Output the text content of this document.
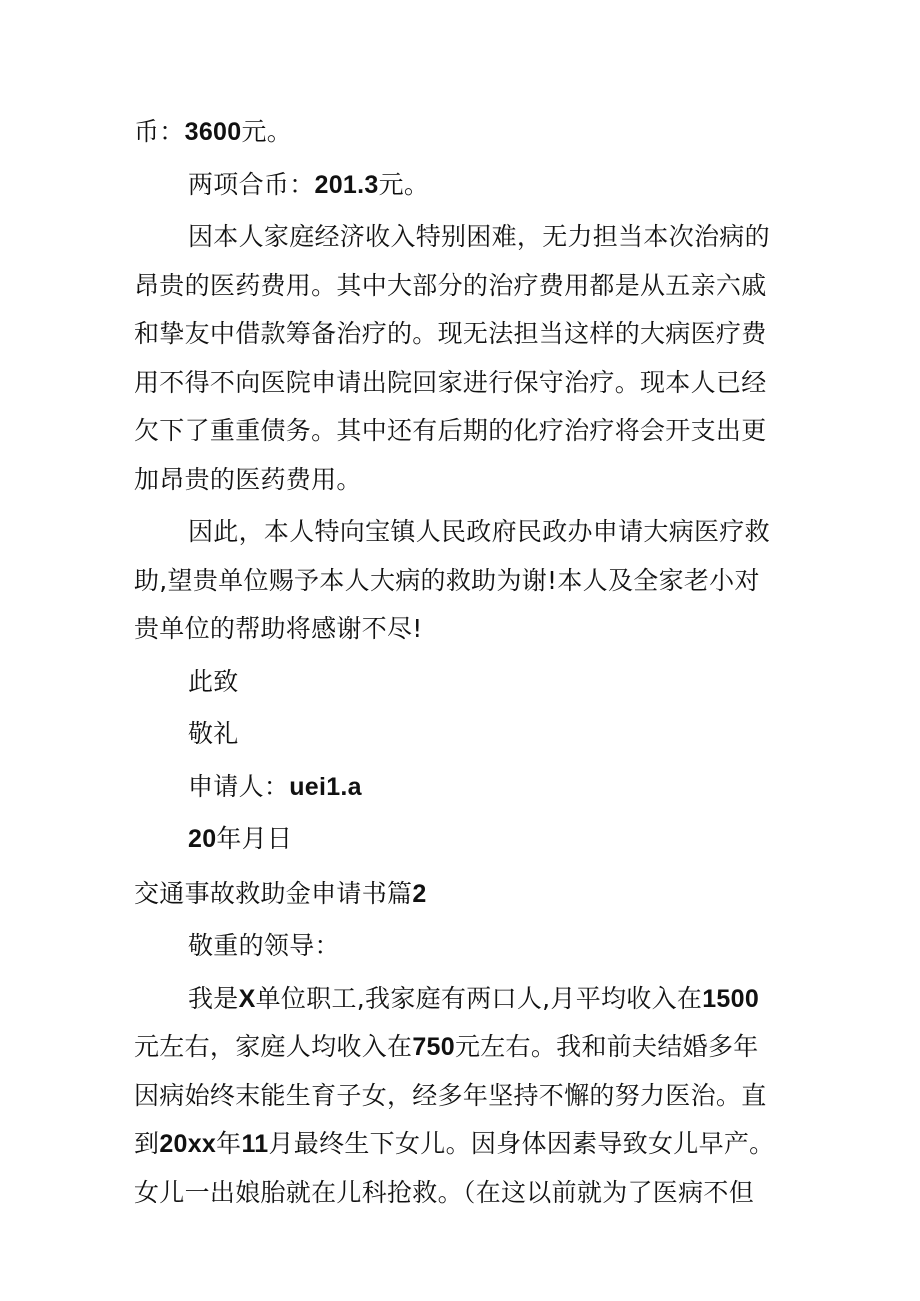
币：3600元。
两项合币：201.3元。
因本人家庭经济收入特别困难，无力担当本次治病的
昂贵的医药费用。其中大部分的治疗费用都是从五亲六戚
和挚友中借款筹备治疗的。现无法担当这样的大病医疗费
用不得不向医院申请出院回家进行保守治疗。现本人已经
欠下了重重债务。其中还有后期的化疗治疗将会开支出更
加昂贵的医药费用。
因此，本人特向宝镇人民政府民政办申请大病医疗救
助,望贵单位赐予本人大病的救助为谢!本人及全家老小对
贵单位的帮助将感谢不尽!
此致
敬礼
申请人：uei1.a
20年月日
交通事故救助金申请书篇2
敬重的领导：
我是X单位职工,我家庭有两口人,月平均收入在1500
元左右，家庭人均收入在750元左右。我和前夫结婚多年
因病始终末能生育子女，经多年坚持不懈的努力医治。直
到20xx年11月最终生下女儿。因身体因素导致女儿早产。
女儿一出娘胎就在儿科抢救。（在这以前就为了医病不但
